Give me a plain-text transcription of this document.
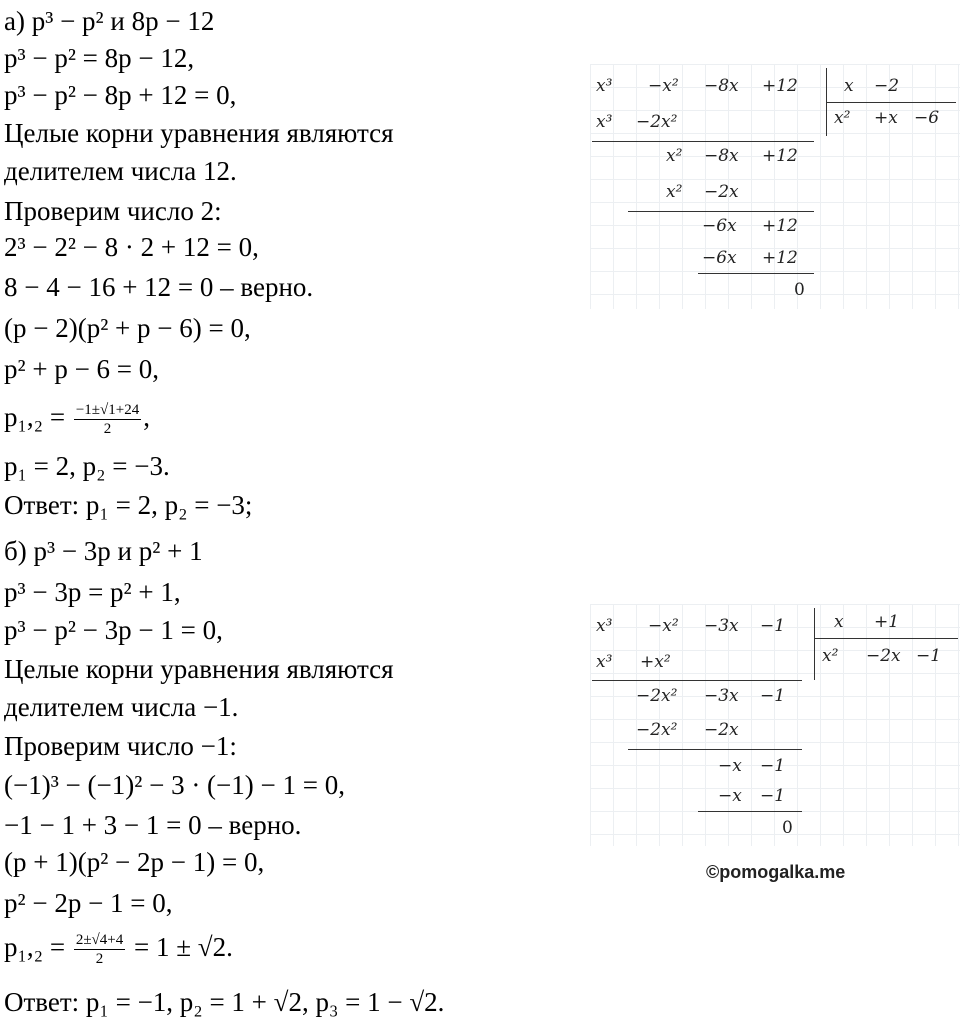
а) p³ − p² и 8p − 12
p³ − p² = 8p − 12,
p³ − p² − 8p + 12 = 0,
Целые корни уравнения являются
делителем числа 12.
Проверим число 2:
2³ − 2² − 8 · 2 + 12 = 0,
8 − 4 − 16 + 12 = 0 – верно.
(p − 2)(p² + p − 6) = 0,
p² + p − 6 = 0,
$p_1,_2 = \frac{-1\pm√1+24}{2}$ ,
p₁ = 2, p₂ = −3.
Ответ: p₁ = 2, p₂ = −3;
x³ −x² −8x +12	x −2
x² +x −6
x³ −2x²
x² −8x +12
x² −2x
−6x +12
−6x +12
0
б) p³ − 3p и p² + 1
p³ − 3p = p² + 1,
p³ − p² − 3p − 1 = 0,
Целые корни уравнения являются
делителем числа −1.
Проверим число −1:
(−1)³ − (−1)² − 3 · (−1) − 1 = 0,
−1 − 1 + 3 − 1 = 0 – верно.
(p + 1)(p² − 2p − 1) = 0,
p² − 2p − 1 = 0,
$p_1,_2 = \frac{2\pm√4+4}{2} = 1 \pm √2$.
Ответ: p₁ = −1, p₂ = 1 + √2, p₃ = 1 − √2.
x³ −x² −3x −1	x +1
x² −2x −1
x³ +x²
−2x² −3x −1
−2x² −2x
−x −1
−x −1
0
©pomogalka.me
